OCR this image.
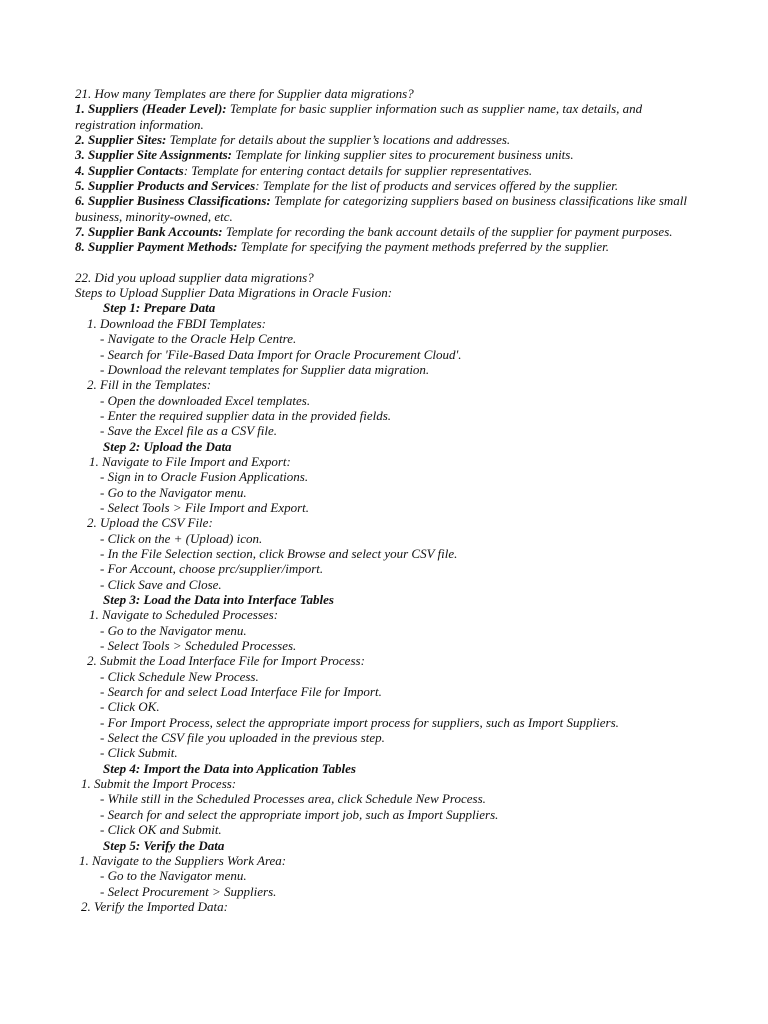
21. How many Templates are there for Supplier data migrations?
1. Suppliers (Header Level): Template for basic supplier information such as supplier name, tax details, and registration information.
2. Supplier Sites: Template for details about the supplier’s locations and addresses.
3. Supplier Site Assignments: Template for linking supplier sites to procurement business units.
4. Supplier Contacts: Template for entering contact details for supplier representatives.
5. Supplier Products and Services: Template for the list of products and services offered by the supplier.
6. Supplier Business Classifications: Template for categorizing suppliers based on business classifications like small business, minority-owned, etc.
7. Supplier Bank Accounts: Template for recording the bank account details of the supplier for payment purposes.
8. Supplier Payment Methods: Template for specifying the payment methods preferred by the supplier.
22. Did you upload supplier data migrations?
Steps to Upload Supplier Data Migrations in Oracle Fusion:
Step 1: Prepare Data
1. Download the FBDI Templates:
- Navigate to the Oracle Help Centre.
- Search for 'File-Based Data Import for Oracle Procurement Cloud'.
- Download the relevant templates for Supplier data migration.
2. Fill in the Templates:
- Open the downloaded Excel templates.
- Enter the required supplier data in the provided fields.
- Save the Excel file as a CSV file.
Step 2: Upload the Data
1. Navigate to File Import and Export:
- Sign in to Oracle Fusion Applications.
- Go to the Navigator menu.
- Select Tools > File Import and Export.
2. Upload the CSV File:
- Click on the + (Upload) icon.
- In the File Selection section, click Browse and select your CSV file.
- For Account, choose prc/supplier/import.
- Click Save and Close.
Step 3: Load the Data into Interface Tables
1. Navigate to Scheduled Processes:
- Go to the Navigator menu.
- Select Tools > Scheduled Processes.
2. Submit the Load Interface File for Import Process:
- Click Schedule New Process.
- Search for and select Load Interface File for Import.
- Click OK.
- For Import Process, select the appropriate import process for suppliers, such as Import Suppliers.
- Select the CSV file you uploaded in the previous step.
- Click Submit.
Step 4: Import the Data into Application Tables
1. Submit the Import Process:
- While still in the Scheduled Processes area, click Schedule New Process.
- Search for and select the appropriate import job, such as Import Suppliers.
- Click OK and Submit.
Step 5: Verify the Data
1. Navigate to the Suppliers Work Area:
- Go to the Navigator menu.
- Select Procurement > Suppliers.
2. Verify the Imported Data:
